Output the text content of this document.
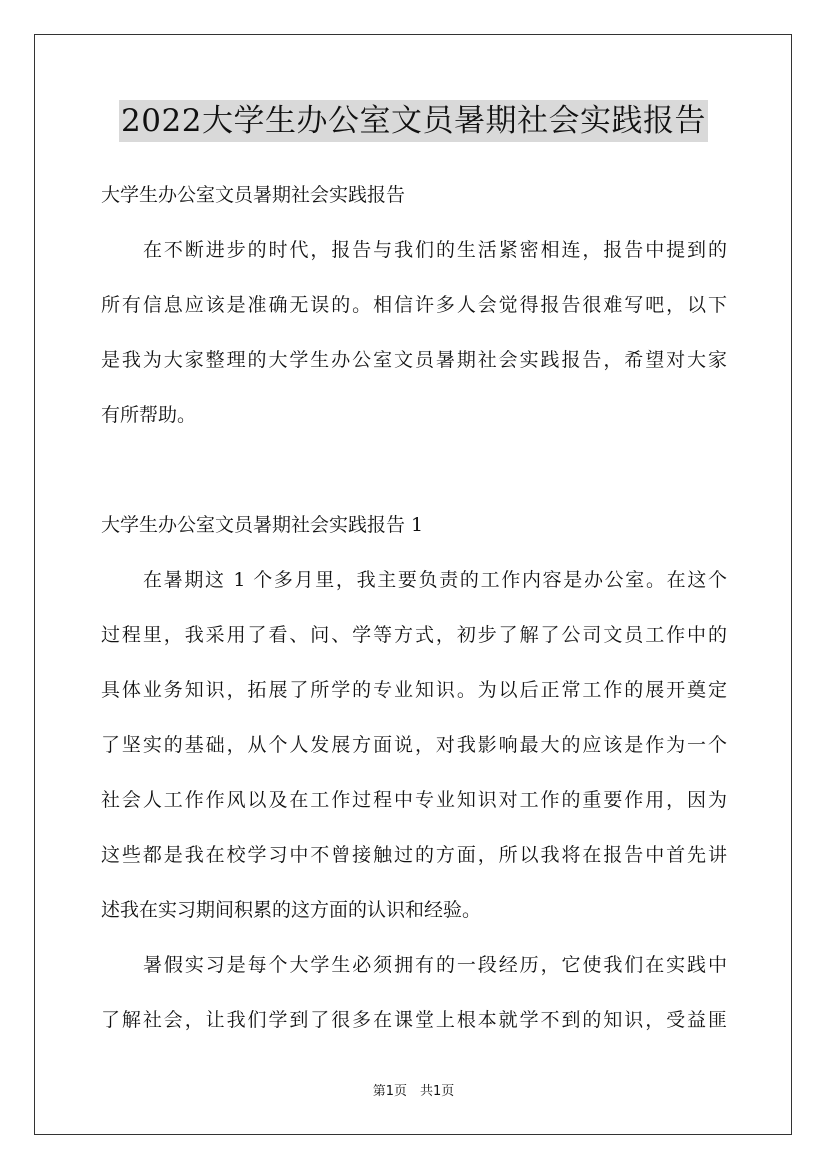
2022大学生办公室文员暑期社会实践报告
大学生办公室文员暑期社会实践报告
在不断进步的时代，报告与我们的生活紧密相连，报告中提到的
所有信息应该是准确无误的。相信许多人会觉得报告很难写吧，以下
是我为大家整理的大学生办公室文员暑期社会实践报告，希望对大家
有所帮助。
大学生办公室文员暑期社会实践报告 1
在暑期这 1 个多月里，我主要负责的工作内容是办公室。在这个
过程里，我采用了看、问、学等方式，初步了解了公司文员工作中的
具体业务知识，拓展了所学的专业知识。为以后正常工作的展开奠定
了坚实的基础，从个人发展方面说，对我影响最大的应该是作为一个
社会人工作作风以及在工作过程中专业知识对工作的重要作用，因为
这些都是我在校学习中不曾接触过的方面，所以我将在报告中首先讲
述我在实习期间积累的这方面的认识和经验。
暑假实习是每个大学生必须拥有的一段经历，它使我们在实践中
了解社会，让我们学到了很多在课堂上根本就学不到的知识，受益匪
第1页　共1页
